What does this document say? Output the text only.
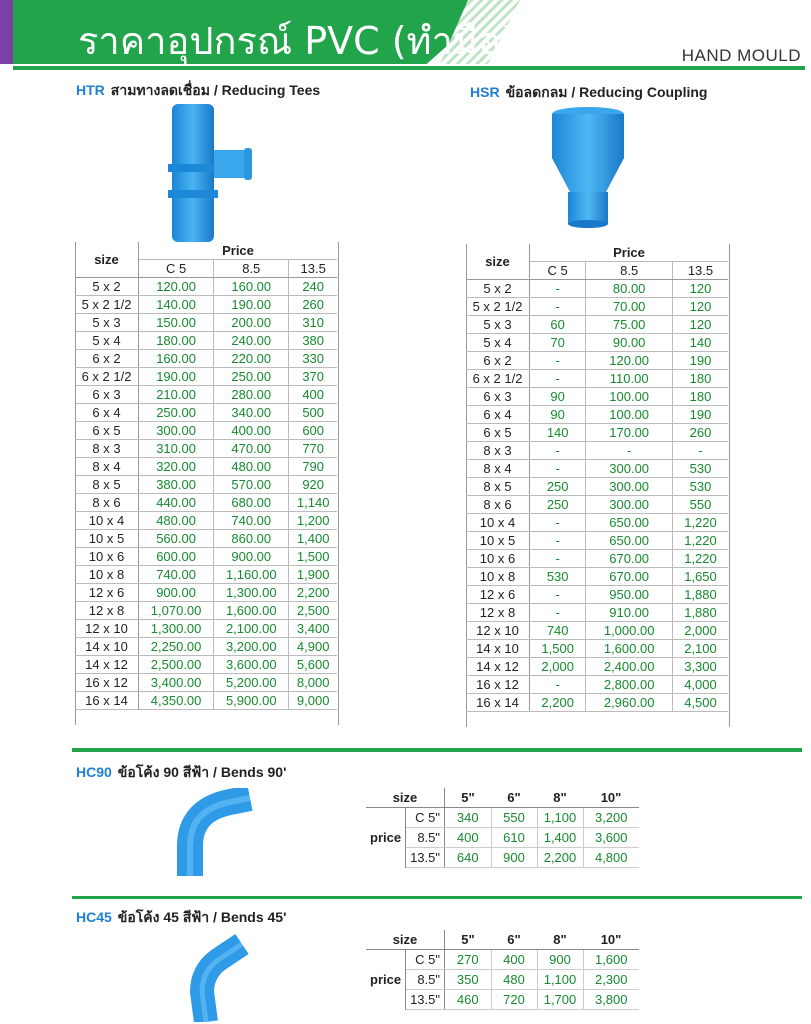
ราคาอุปกรณ์ PVC (ทำมือ)	HAND MOULD
HTR สามทางลดเชื่อม / Reducing Tees
size	Price		
	C 5	8.5	13.5
5 x 2	120.00	160.00	240
5 x 2 1/2	140.00	190.00	260
5 x 3	150.00	200.00	310
5 x 4	180.00	240.00	380
6 x 2	160.00	220.00	330
6 x 2 1/2	190.00	250.00	370
6 x 3	210.00	280.00	400
6 x 4	250.00	340.00	500
6 x 5	300.00	400.00	600
8 x 3	310.00	470.00	770
8 x 4	320.00	480.00	790
8 x 5	380.00	570.00	920
8 x 6	440.00	680.00	1,140
10 x 4	480.00	740.00	1,200
10 x 5	560.00	860.00	1,400
10 x 6	600.00	900.00	1,500
10 x 8	740.00	1,160.00	1,900
12 x 6	900.00	1,300.00	2,200
12 x 8	1,070.00	1,600.00	2,500
12 x 10	1,300.00	2,100.00	3,400
14 x 10	2,250.00	3,200.00	4,900
14 x 12	2,500.00	3,600.00	5,600
16 x 12	3,400.00	5,200.00	8,000
16 x 14	4,350.00	5,900.00	9,000
HSR ข้อลดกลม / Reducing Coupling
size	Price		
	C 5	8.5	13.5
5 x 2	-	80.00	120
5 x 2 1/2	-	70.00	120
5 x 3	60	75.00	120
5 x 4	70	90.00	140
6 x 2	-	120.00	190
6 x 2 1/2	-	110.00	180
6 x 3	90	100.00	180
6 x 4	90	100.00	190
6 x 5	140	170.00	260
8 x 3	-	-	-
8 x 4	-	300.00	530
8 x 5	250	300.00	530
8 x 6	250	300.00	550
10 x 4	-	650.00	1,220
10 x 5	-	650.00	1,220
10 x 6	-	670.00	1,220
10 x 8	530	670.00	1,650
12 x 6	-	950.00	1,880
12 x 8	-	910.00	1,880
12 x 10	740	1,000.00	2,000
14 x 10	1,500	1,600.00	2,100
14 x 12	2,000	2,400.00	3,300
16 x 12	-	2,800.00	4,000
16 x 14	2,200	2,960.00	4,500
HC90 ข้อโค้ง 90 สีฟ้า / Bends 90'
size		5"	6"	8"	10"
price	C 5"	340	550	1,100	3,200
	8.5"	400	610	1,400	3,600
	13.5"	640	900	2,200	4,800
HC45 ข้อโค้ง 45 สีฟ้า / Bends 45'
size		5"	6"	8"	10"
price	C 5"	270	400	900	1,600
	8.5"	350	480	1,100	2,300
	13.5"	460	720	1,700	3,800
